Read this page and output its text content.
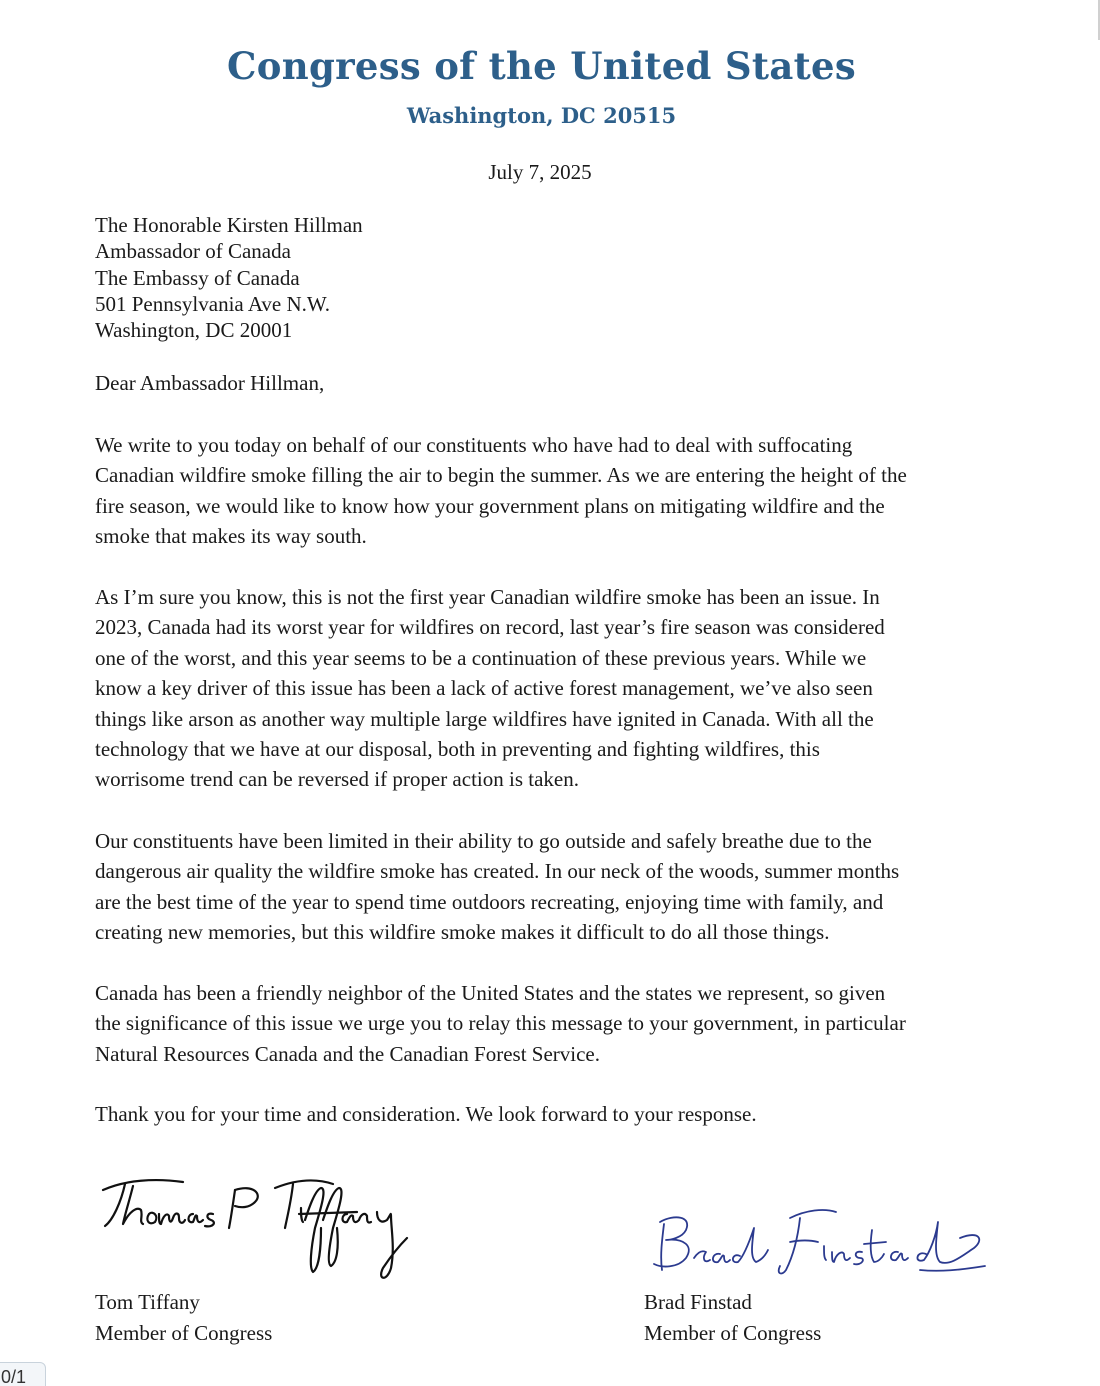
Congress of the United States
Washington, DC 20515
July 7, 2025
The Honorable Kirsten Hillman
Ambassador of Canada
The Embassy of Canada
501 Pennsylvania Ave N.W.
Washington, DC 20001
Dear Ambassador Hillman,
We write to you today on behalf of our constituents who have had to deal with suffocating
Canadian wildfire smoke filling the air to begin the summer. As we are entering the height of the
fire season, we would like to know how your government plans on mitigating wildfire and the
smoke that makes its way south.
As I’m sure you know, this is not the first year Canadian wildfire smoke has been an issue. In
2023, Canada had its worst year for wildfires on record, last year’s fire season was considered
one of the worst, and this year seems to be a continuation of these previous years. While we
know a key driver of this issue has been a lack of active forest management, we’ve also seen
things like arson as another way multiple large wildfires have ignited in Canada. With all the
technology that we have at our disposal, both in preventing and fighting wildfires, this
worrisome trend can be reversed if proper action is taken.
Our constituents have been limited in their ability to go outside and safely breathe due to the
dangerous air quality the wildfire smoke has created. In our neck of the woods, summer months
are the best time of the year to spend time outdoors recreating, enjoying time with family, and
creating new memories, but this wildfire smoke makes it difficult to do all those things.
Canada has been a friendly neighbor of the United States and the states we represent, so given
the significance of this issue we urge you to relay this message to your government, in particular
Natural Resources Canada and the Canadian Forest Service.
Thank you for your time and consideration. We look forward to your response.
Tom Tiffany
Member of Congress
Brad Finstad
Member of Congress
0/1
